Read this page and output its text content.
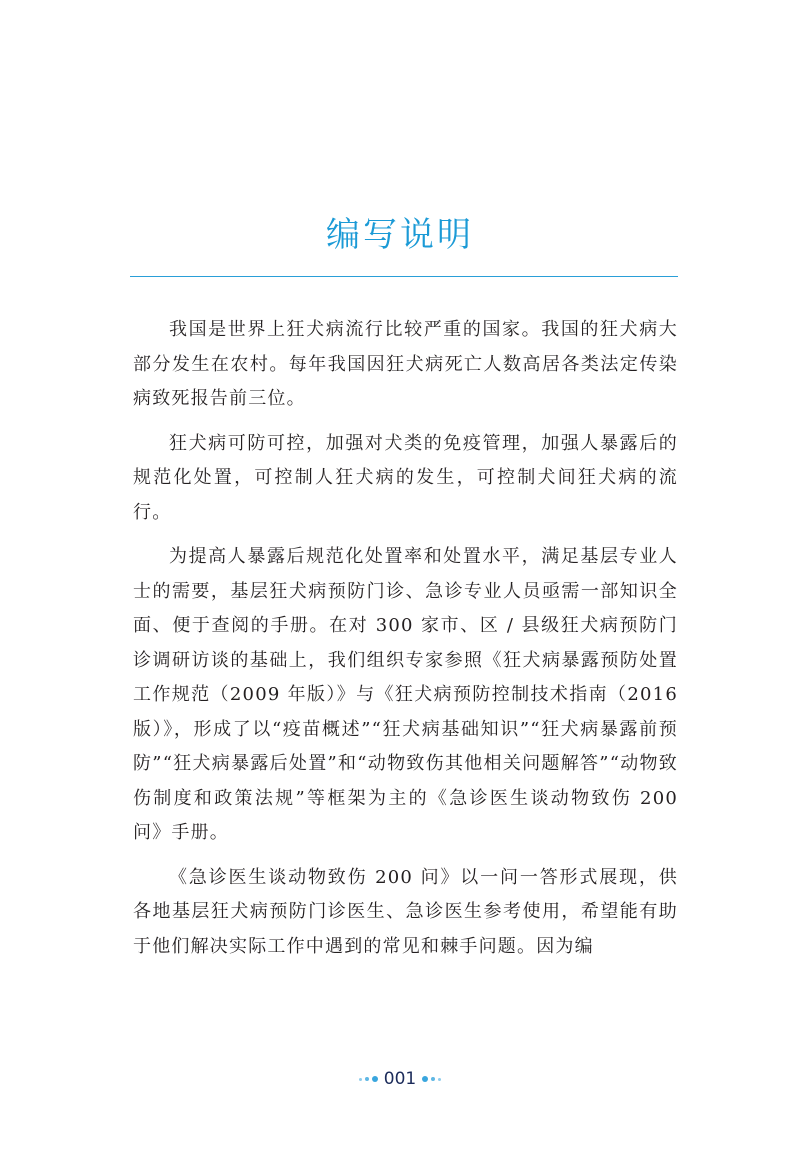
编写说明

我国是世界上狂犬病流行比较严重的国家。我国的狂犬病大部分发生在农村。每年我国因狂犬病死亡人数高居各类法定传染病致死报告前三位。

狂犬病可防可控，加强对犬类的免疫管理，加强人暴露后的规范化处置，可控制人狂犬病的发生，可控制犬间狂犬病的流行。

为提高人暴露后规范化处置率和处置水平，满足基层专业人士的需要，基层狂犬病预防门诊、急诊专业人员亟需一部知识全面、便于查阅的手册。在对 300 家市、区 / 县级狂犬病预防门诊调研访谈的基础上，我们组织专家参照《狂犬病暴露预防处置工作规范（2009 年版）》与《狂犬病预防控制技术指南（2016 版）》，形成了以“疫苗概述”“狂犬病基础知识”“狂犬病暴露前预防”“狂犬病暴露后处置”和“动物致伤其他相关问题解答”“动物致伤制度和政策法规”等框架为主的《急诊医生谈动物致伤 200 问》手册。

《急诊医生谈动物致伤 200 问》以一问一答形式展现，供各地基层狂犬病预防门诊医生、急诊医生参考使用，希望能有助于他们解决实际工作中遇到的常见和棘手问题。因为编

001
